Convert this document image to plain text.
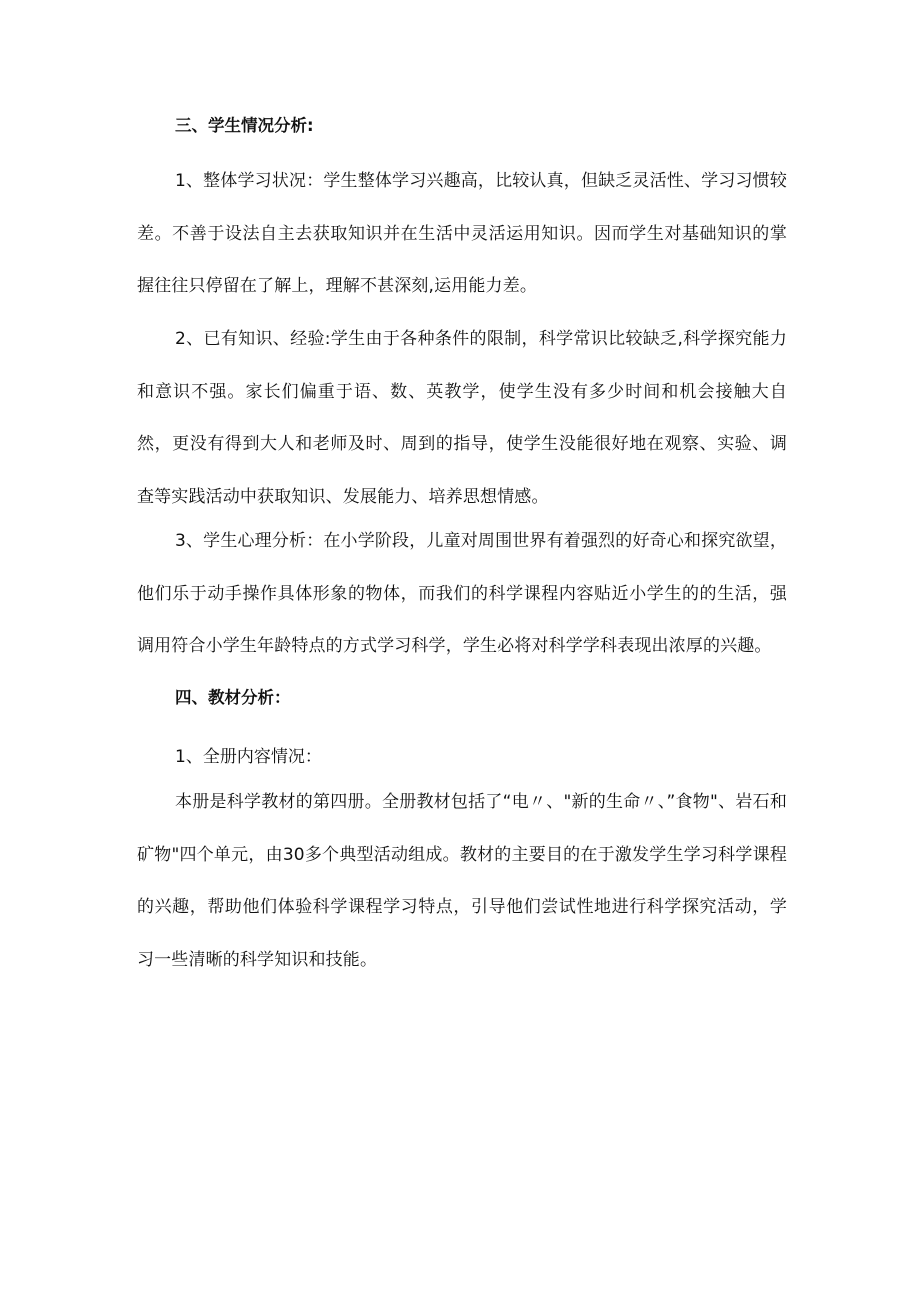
三、学生情况分析:

1、整体学习状况：学生整体学习兴趣高，比较认真，但缺乏灵活性、学习习惯较差。不善于设法自主去获取知识并在生活中灵活运用知识。因而学生对基础知识的掌握往往只停留在了解上，理解不甚深刻,运用能力差。

2、已有知识、经验:学生由于各种条件的限制，科学常识比较缺乏,科学探究能力和意识不强。家长们偏重于语、数、英教学，使学生没有多少时间和机会接触大自然，更没有得到大人和老师及时、周到的指导，使学生没能很好地在观察、实验、调查等实践活动中获取知识、发展能力、培养思想情感。

3、学生心理分析：在小学阶段，儿童对周围世界有着强烈的好奇心和探究欲望，他们乐于动手操作具体形象的物体，而我们的科学课程内容贴近小学生的的生活，强调用符合小学生年龄特点的方式学习科学，学生必将对科学学科表现出浓厚的兴趣。

四、教材分析：
1、全册内容情况：

本册是科学教材的第四册。全册教材包括了“电〃、"新的生命〃、”食物"、岩石和矿物"四个单元，由30多个典型活动组成。教材的主要目的在于激发学生学习科学课程的兴趣，帮助他们体验科学课程学习特点，引导他们尝试性地进行科学探究活动，学习一些清晰的科学知识和技能。
